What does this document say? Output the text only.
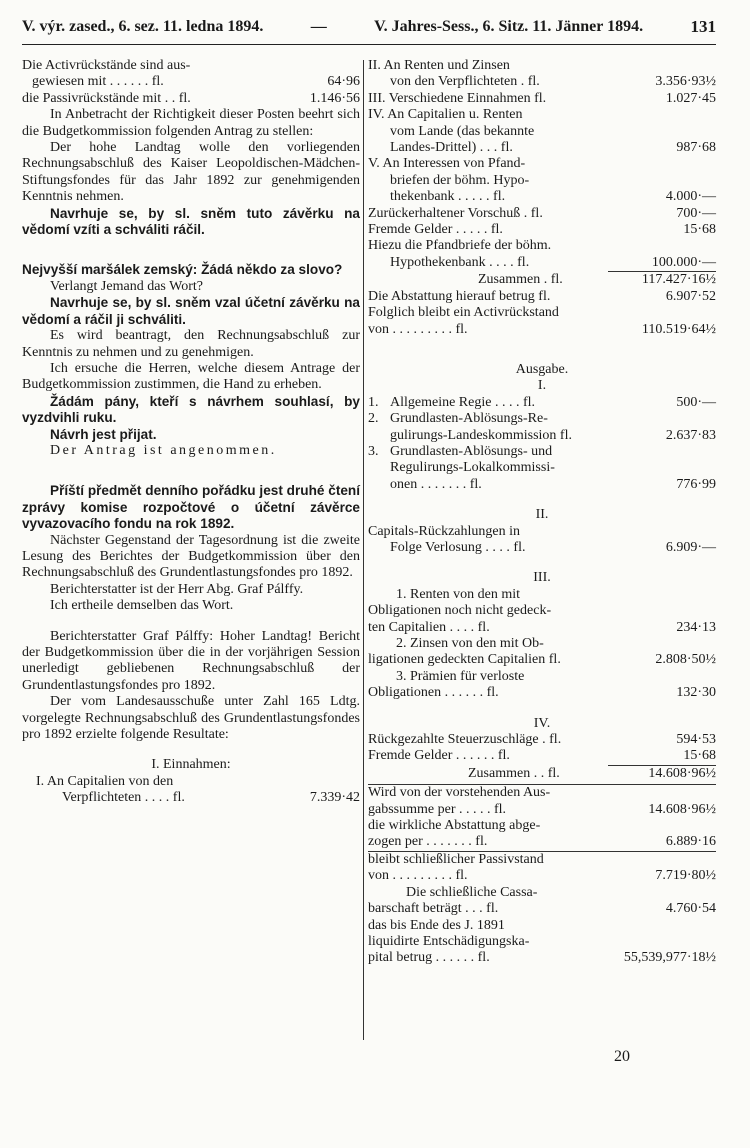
V. výr. zased., 6. sez. 11. ledna 1894.	—	V. Jahres-Sess., 6. Sitz. 11. Jänner 1894.	131

Die Activrückstände sind aus-

gewiesen mit . . . . . . fl.	64·96
die Passivrückstände mit . . fl.	1.146·56

In Anbetracht der Richtigkeit dieser Posten beehrt sich die Budgetkommission folgenden Antrag zu stellen:

Der hohe Landtag wolle den vorliegenden Rechnungsabschluß des Kaiser Leopoldischen-Mädchen-Stiftungsfondes für das Jahr 1892 zur genehmigenden Kenntnis nehmen.

Navrhuje se, by sl. sněm tuto závěrku na vědomí vzíti a schváliti ráčil.

Nejvyšší maršálek zemský: Žádá někdo za slovo?

Verlangt Jemand das Wort?

Navrhuje se, by sl. sněm vzal účetní závěrku na vědomí a ráčil ji schváliti.

Es wird beantragt, den Rechnungsabschluß zur Kenntnis zu nehmen und zu genehmigen.

Ich ersuche die Herren, welche diesem Antrage der Budgetkommission zustimmen, die Hand zu erheben.

Žádám pány, kteří s návrhem souhlasí, by vyzdvihli ruku.

Návrh jest přijat.

Der Antrag ist angenommen.

Příští předmět denního pořádku jest druhé čtení zprávy komise rozpočtové o účetní závěrce vyvazovacího fondu na rok 1892.

Nächster Gegenstand der Tagesordnung ist die zweite Lesung des Berichtes der Budgetkommission über den Rechnungsabschluß des Grundentlastungsfondes pro 1892.

Berichterstatter ist der Herr Abg. Graf Pálffy.

Ich ertheile demselben das Wort.

Berichterstatter Graf Pálffy: Hoher Landtag! Bericht der Budgetkommission über die in der vorjährigen Session unerledigt gebliebenen Rechnungsabschluß der Grundentlastungsfondes pro 1892.

Der vom Landesausschuße unter Zahl 165 Ldtg. vorgelegte Rechnungsabschluß des Grundentlastungsfondes pro 1892 erzielte folgende Resultate:

I. Einnahmen:

I. An Capitalien von den

Verpflichteten . . . . fl.	7.339·42

II. An Renten und Zinsen

von den Verpflichteten . fl.	3.356·93½
III. Verschiedene Einnahmen fl.	1.027·45

IV. An Capitalien u. Renten

vom Lande (das bekannte

Landes-Drittel) . . . fl.	987·68

V. An Interessen von Pfand-

briefen der böhm. Hypo-

thekenbank . . . . . fl.	4.000·—
Zurückerhaltener Vorschuß . fl.	700·—
Fremde Gelder . . . . . fl.	15·68

Hiezu die Pfandbriefe der böhm.

Hypothekenbank . . . . fl.	100.000·—
Zusammen . fl.	117.427·16½
Die Abstattung hierauf betrug fl.	6.907·52

Folglich bleibt ein Activrückstand

von . . . . . . . . . fl.	110.519·64½

Ausgabe.

I.

1. Allgemeine Regie . . . . fl.	500·—
2. Grundlasten-Ablösungs-Re-
gulirungs-Landeskommission fl.	2.637·83
3. Grundlasten-Ablösungs- und

Regulirungs-Lokalkommissi-

onen . . . . . . . fl.	776·99

II.

Capitals-Rückzahlungen in

Folge Verlosung . . . . fl.	6.909·—

III.

1. Renten von den mit

Obligationen noch nicht gedeck-

ten Capitalien . . . . fl.	234·13

2. Zinsen von den mit Ob-

ligationen gedeckten Capitalien fl.	2.808·50½

3. Prämien für verloste

Obligationen . . . . . . fl.	132·30

IV.

Rückgezahlte Steuerzuschläge . fl.	594·53
Fremde Gelder . . . . . . fl.	15·68
Zusammen . . fl.	14.608·96½

Wird von der vorstehenden Aus-

gabssumme per . . . . . fl.	14.608·96½

die wirkliche Abstattung abge-

zogen per . . . . . . . fl.	6.889·16

bleibt schließlicher Passivstand

von . . . . . . . . . fl.	7.719·80½

Die schließliche Cassa-

barschaft beträgt . . . fl.	4.760·54

das bis Ende des J. 1891

liquidirte Entschädigungska-

pital betrug . . . . . . fl.	55,539,977·18½
20
